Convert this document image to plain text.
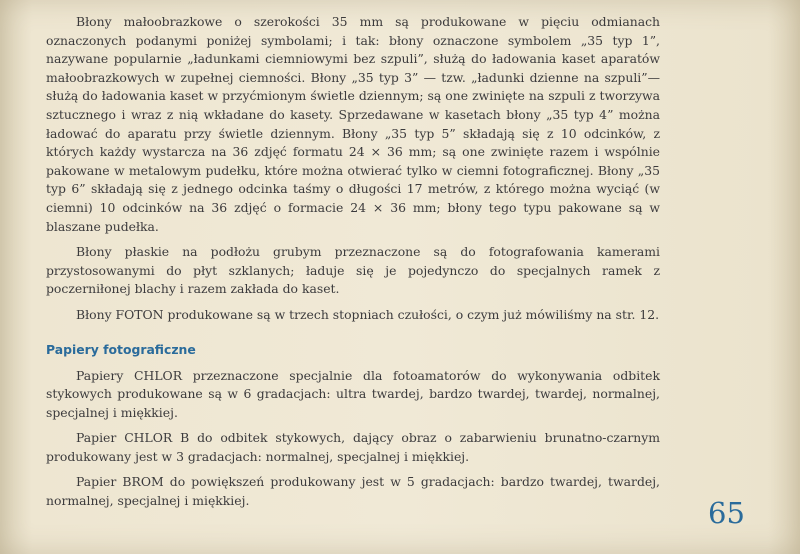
Błony małoobrazkowe o szerokości 35 mm są produkowane w pięciu odmianach oznaczonych podanymi poniżej symbolami; i tak: błony oznaczone symbolem „35 typ 1”, nazywane popularnie „ładunkami ciemniowymi bez szpuli”, służą do ładowania kaset aparatów małoobrazkowych w zupełnej ciemności. Błony „35 typ 3” — tzw. „ładunki dzienne na szpuli”— służą do ładowania kaset w przyćmionym świetle dziennym; są one zwinięte na szpuli z tworzywa sztucznego i wraz z nią wkładane do kasety. Sprzedawane w kasetach błony „35 typ 4” można ładować do aparatu przy świetle dziennym. Błony „35 typ 5” składają się z 10 odcinków, z których każdy wystarcza na 36 zdjęć formatu 24 × 36 mm; są one zwinięte razem i wspólnie pakowane w metalowym pudełku, które można otwierać tylko w ciemni fotograficznej. Błony „35 typ 6” składają się z jednego odcinka taśmy o długości 17 metrów, z którego można wyciąć (w ciemni) 10 odcinków na 36 zdjęć o formacie 24 × 36 mm; błony tego typu pakowane są w blaszane pudełka.

Błony płaskie na podłożu grubym przeznaczone są do fotografowania kamerami przystosowanymi do płyt szklanych; ładuje się je pojedynczo do specjalnych ramek z poczerniłonej blachy i razem zakłada do kaset.

Błony FOTON produkowane są w trzech stopniach czułości, o czym już mówiliśmy na str. 12.

Papiery fotograficzne

Papiery CHLOR przeznaczone specjalnie dla fotoamatorów do wykonywania odbitek stykowych produkowane są w 6 gradacjach: ultra twardej, bardzo twardej, twardej, normalnej, specjalnej i miękkiej.

Papier CHLOR B do odbitek stykowych, dający obraz o zabarwieniu brunatno-czarnym produkowany jest w 3 gradacjach: normalnej, specjalnej i miękkiej.

Papier BROM do powiększeń produkowany jest w 5 gradacjach: bardzo twardej, twardej, normalnej, specjalnej i miękkiej.	65
